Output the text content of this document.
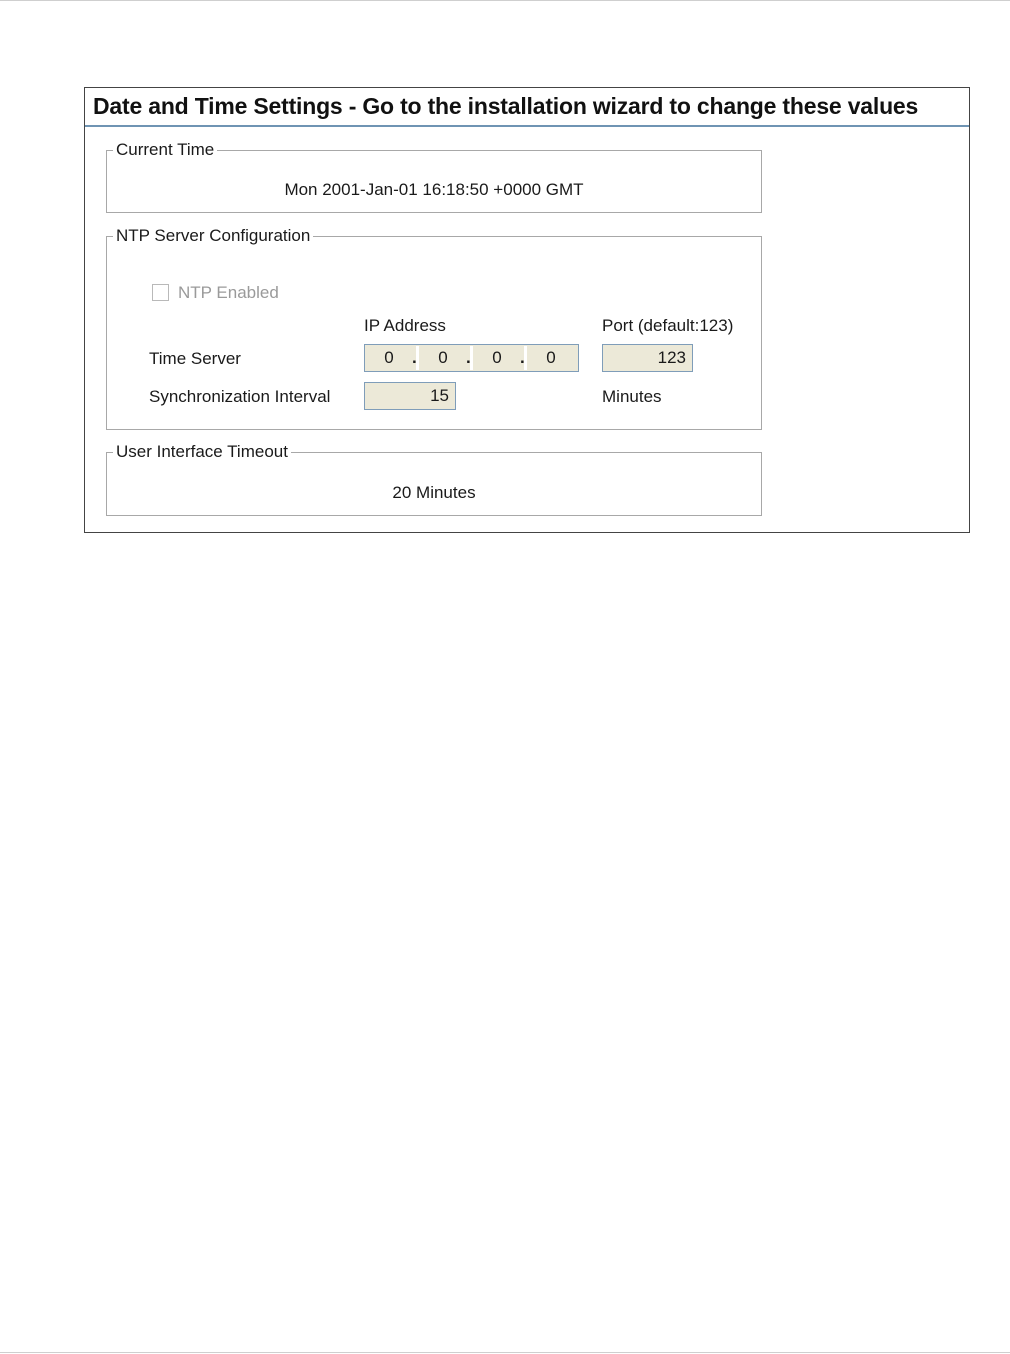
Date and Time Settings - Go to the installation wizard to change these values
Current Time
Mon 2001-Jan-01 16:18:50 +0000 GMT
NTP Server Configuration
NTP Enabled
IP Address	Port (default:123)
Time Server	0	.	0	.	0	.	0	123
Synchronization Interval	15	Minutes
User Interface Timeout
20 Minutes
